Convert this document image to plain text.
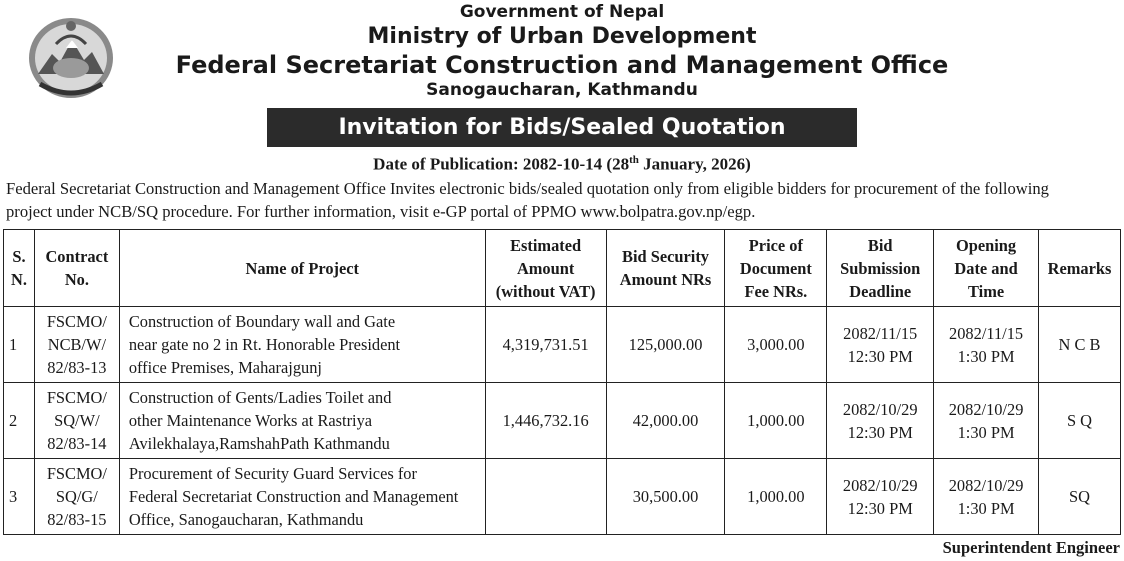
Government of Nepal
Ministry of Urban Development
Federal Secretariat Construction and Management Office
Sanogaucharan, Kathmandu
Invitation for Bids/Sealed Quotation
Date of Publication: 2082-10-14 (28th January, 2026)
Federal Secretariat Construction and Management Office Invites electronic bids/sealed quotation only from eligible bidders for procurement of the following
project under NCB/SQ procedure. For further information, visit e-GP portal of PPMO www.bolpatra.gov.np/egp.
S.
N.	Contract
No.	Name of Project	Estimated
Amount
(without VAT)	Bid Security
Amount NRs	Price of
Document
Fee NRs.	Bid
Submission
Deadline	Opening
Date and
Time	Remarks

1	FSCMO/
NCB/W/
82/83-13	Construction of Boundary wall and Gate
near gate no 2 in Rt. Honorable President
office Premises, Maharajgunj	4,319,731.51	125,000.00	3,000.00	2082/11/15
12:30 PM	2082/11/15
1:30 PM	N C B
2	FSCMO/
SQ/W/
82/83-14	Construction of Gents/Ladies Toilet and
other Maintenance Works at Rastriya
Avilekhalaya,RamshahPath Kathmandu	1,446,732.16	42,000.00	1,000.00	2082/10/29
12:30 PM	2082/10/29
1:30 PM	S Q
3	FSCMO/
SQ/G/
82/83-15	Procurement of Security Guard Services for
Federal Secretariat Construction and Management
Office, Sanogaucharan, Kathmandu		30,500.00	1,000.00	2082/10/29
12:30 PM	2082/10/29
1:30 PM	SQ
Superintendent Engineer
